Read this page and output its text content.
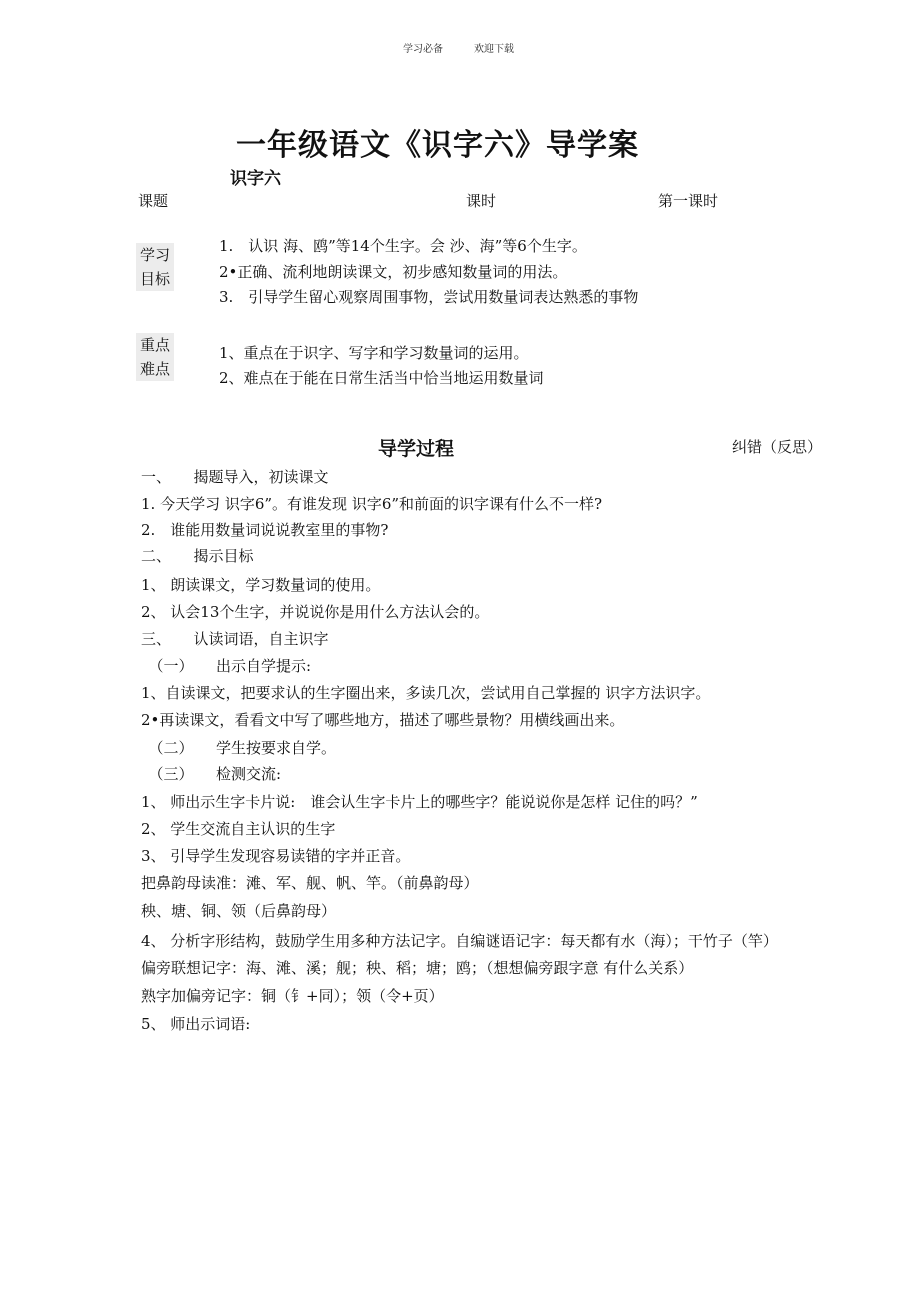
学习必备	欢迎下载
一年级语文《识字六》导学案
识字六
课题	课时	第一课时
学习
目标
1.　认识 海、鸥”等14个生字。会 沙、海”等6个生字。
2•正确、流利地朗读课文，初步感知数量词的用法。
3.　引导学生留心观察周围事物，尝试用数量词表达熟悉的事物
重点
难点
1、重点在于识字、写字和学习数量词的运用。
2、难点在于能在日常生活当中恰当地运用数量词
导学过程	纠错（反思）
一、　　揭题导入，初读课文
1. 今天学习 识字6”。有谁发现 识字6”和前面的识字课有什么不一样?
2.　谁能用数量词说说教室里的事物?
二、　　揭示目标
1、 朗读课文，学习数量词的使用。
2、 认会13个生字，并说说你是用什么方法认会的。
三、　　认读词语，自主识字
　（一）　　出示自学提示:
1、自读课文，把要求认的生字圈出来，多读几次，尝试用自己掌握的 识字方法识字。
2•再读课文，看看文中写了哪些地方，描述了哪些景物？用横线画出来。
　（二）　　学生按要求自学。
　（三）　　检测交流:
1、 师出示生字卡片说:　谁会认生字卡片上的哪些字？能说说你是怎样 记住的吗？”
2、 学生交流自主认识的生字
3、 引导学生发现容易读错的字并正音。
把鼻韵母读准：滩、军、舰、帆、竿。（前鼻韵母）
秧、塘、铜、领（后鼻韵母）
4、 分析字形结构，鼓励学生用多种方法记字。自编谜语记字：每天都有水（海）；干竹子（竿）
偏旁联想记字：海、滩、溪；舰；秧、稻；塘；鸥；（想想偏旁跟字意 有什么关系）
熟字加偏旁记字：铜（钅+同）；领（令+页）
5、 师出示词语:
